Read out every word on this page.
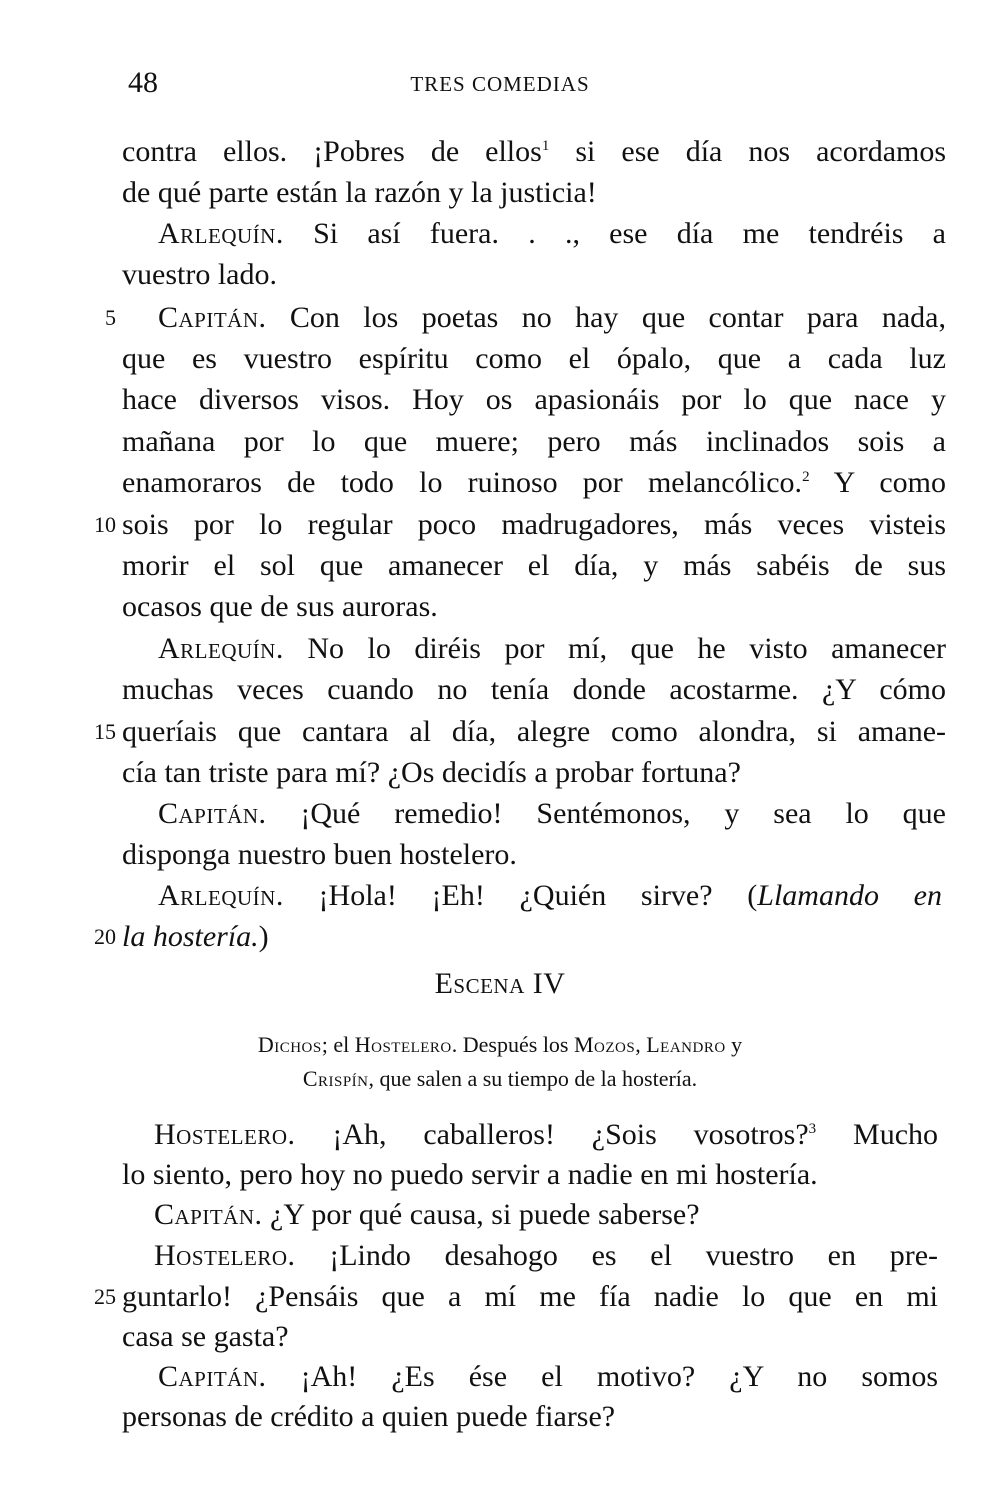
48	TRES COMEDIAS
5
10
15
20
25
contra ellos. ¡Pobres de ellos$^1$ si ese día nos acordamos
de qué parte están la razón y la justicia!
Arlequín. Si así fuera. . ., ese día me tendréis a
vuestro lado.
Capitán. Con los poetas no hay que contar para nada,
que es vuestro espíritu como el ópalo, que a cada luz
hace diversos visos. Hoy os apasionáis por lo que nace y
mañana por lo que muere; pero más inclinados sois a
enamoraros de todo lo ruinoso por melancólico.$^2$ Y como
sois por lo regular poco madrugadores, más veces visteis
morir el sol que amanecer el día, y más sabéis de sus
ocasos que de sus auroras.
Arlequín. No lo diréis por mí, que he visto amanecer
muchas veces cuando no tenía donde acostarme. ¿Y cómo
queríais que cantara al día, alegre como alondra, si amane-
cía tan triste para mí? ¿Os decidís a probar fortuna?
Capitán. ¡Qué remedio! Sentémonos, y sea lo que
disponga nuestro buen hostelero.
Arlequín. ¡Hola! ¡Eh! ¿Quién sirve? (Llamando en
la hostería.)
Escena IV
Dichos; el Hostelero. Después los Mozos, Leandro y
Crispín, que salen a su tiempo de la hostería.
Hostelero. ¡Ah, caballeros! ¿Sois vosotros?$^3$ Mucho
lo siento, pero hoy no puedo servir a nadie en mi hostería.
Capitán. ¿Y por qué causa, si puede saberse?
Hostelero. ¡Lindo desahogo es el vuestro en pre-
guntarlo! ¿Pensáis que a mí me fía nadie lo que en mi
casa se gasta?
Capitán. ¡Ah! ¿Es ése el motivo? ¿Y no somos
personas de crédito a quien puede fiarse?
